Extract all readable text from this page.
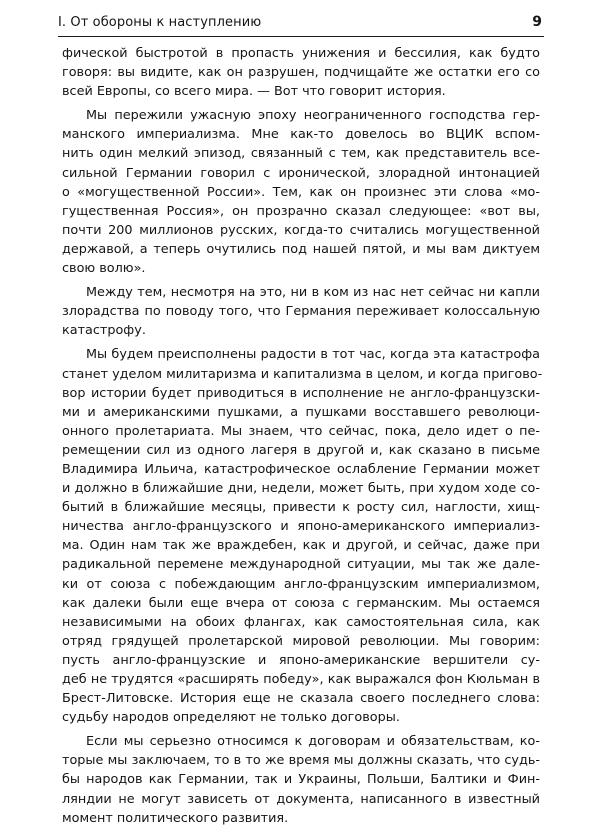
I. От обороны к наступлению	9
фической быстротой в пропасть унижения и бессилия, как будто
говоря: вы видите, как он разрушен, подчищайте же остатки его со
всей Европы, со всего мира. — Вот что говорит история.
Мы пережили ужасную эпоху неограниченного господства гер-
манского империализма. Мне как-то довелось во ВЦИК вспом-
нить один мелкий эпизод, связанный с тем, как представитель все-
сильной Германии говорил с иронической, злорадной интонацией
о «могущественной России». Тем, как он произнес эти слова «мо-
гущественная Россия», он прозрачно сказал следующее: «вот вы,
почти 200 миллионов русских, когда-то считались могущественной
державой, а теперь очутились под нашей пятой, и мы вам диктуем
свою волю».
Между тем, несмотря на это, ни в ком из нас нет сейчас ни капли
злорадства по поводу того, что Германия переживает колоссальную
катастрофу.
Мы будем преисполнены радости в тот час, когда эта катастрофа
станет уделом милитаризма и капитализма в целом, и когда пригово-
вор истории будет приводиться в исполнение не англо-французски-
ми и американскими пушками, а пушками восставшего революци-
онного пролетариата. Мы знаем, что сейчас, пока, дело идет о пе-
ремещении сил из одного лагеря в другой и, как сказано в письме
Владимира Ильича, катастрофическое ослабление Германии может
и должно в ближайшие дни, недели, может быть, при худом ходе со-
бытий в ближайшие месяцы, привести к росту сил, наглости, хищ-
ничества англо-французского и японо-американского империализ-
ма. Один нам так же враждебен, как и другой, и сейчас, даже при
радикальной перемене международной ситуации, мы так же дале-
ки от союза с побеждающим англо-французским империализмом,
как далеки были еще вчера от союза с германским. Мы остаемся
независимыми на обоих флангах, как самостоятельная сила, как
отряд грядущей пролетарской мировой революции. Мы говорим:
пусть англо-французские и японо-американские вершители су-
деб не трудятся «расширять победу», как выражался фон Кюльман в
Брест-Литовске. История еще не сказала своего последнего слова:
судьбу народов определяют не только договоры.
Если мы серьезно относимся к договорам и обязательствам, ко-
торые мы заключаем, то в то же время мы должны сказать, что судь-
бы народов как Германии, так и Украины, Польши, Балтики и Фин-
ляндии не могут зависеть от документа, написанного в известный
момент политического развития.
